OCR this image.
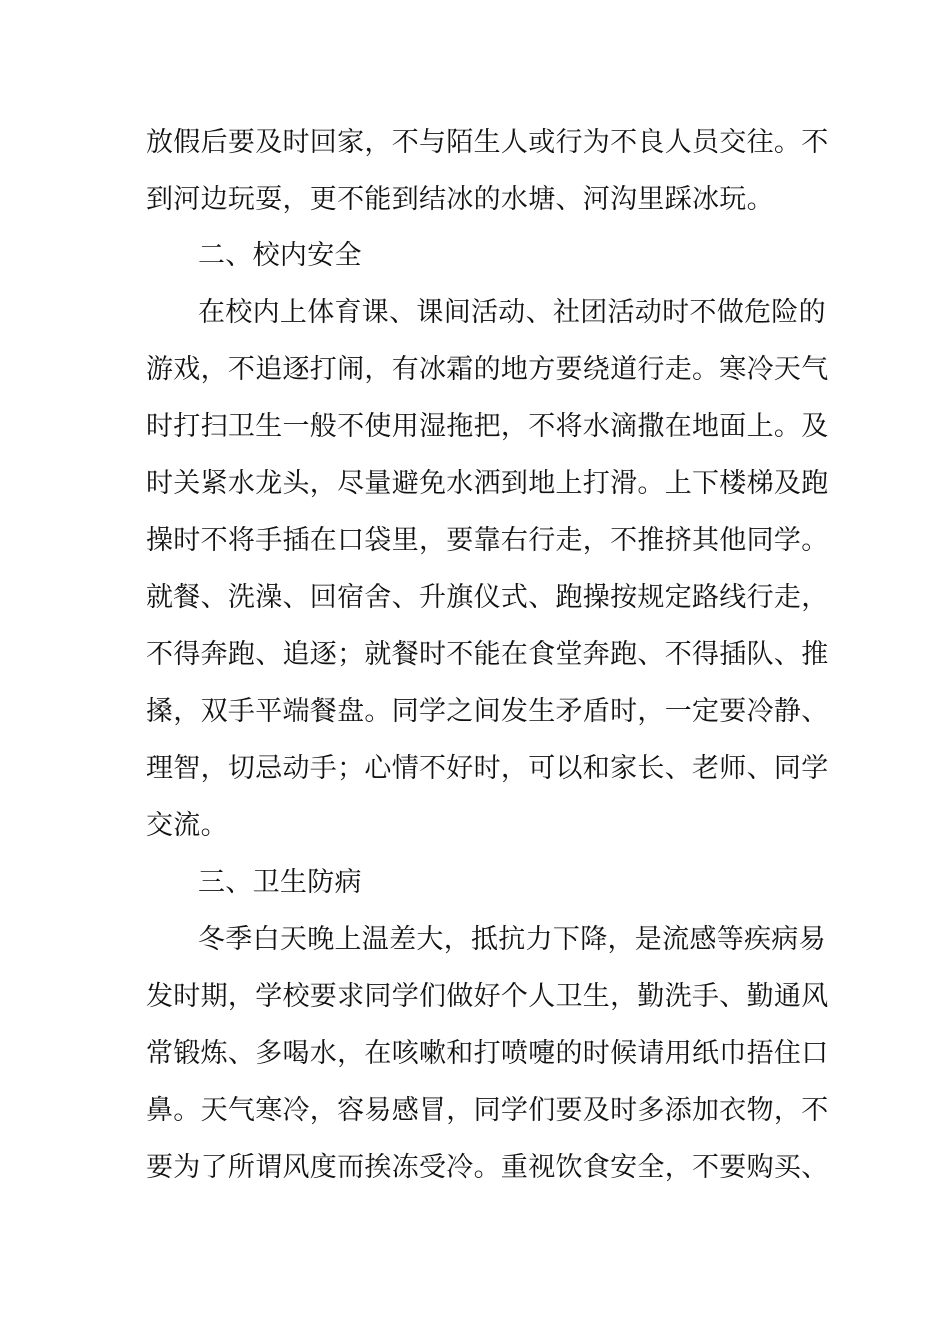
放假后要及时回家，不与陌生人或行为不良人员交往。不
到河边玩耍，更不能到结冰的水塘、河沟里踩冰玩。
二、校内安全
在校内上体育课、课间活动、社团活动时不做危险的
游戏，不追逐打闹，有冰霜的地方要绕道行走。寒冷天气
时打扫卫生一般不使用湿拖把，不将水滴撒在地面上。及
时关紧水龙头，尽量避免水洒到地上打滑。上下楼梯及跑
操时不将手插在口袋里，要靠右行走，不推挤其他同学。
就餐、洗澡、回宿舍、升旗仪式、跑操按规定路线行走，
不得奔跑、追逐；就餐时不能在食堂奔跑、不得插队、推
搡，双手平端餐盘。同学之间发生矛盾时，一定要冷静、
理智，切忌动手；心情不好时，可以和家长、老师、同学
交流。
三、卫生防病
冬季白天晚上温差大，抵抗力下降，是流感等疾病易
发时期，学校要求同学们做好个人卫生，勤洗手、勤通风
常锻炼、多喝水，在咳嗽和打喷嚏的时候请用纸巾捂住口
鼻。天气寒冷，容易感冒，同学们要及时多添加衣物，不
要为了所谓风度而挨冻受冷。重视饮食安全，不要购买、
